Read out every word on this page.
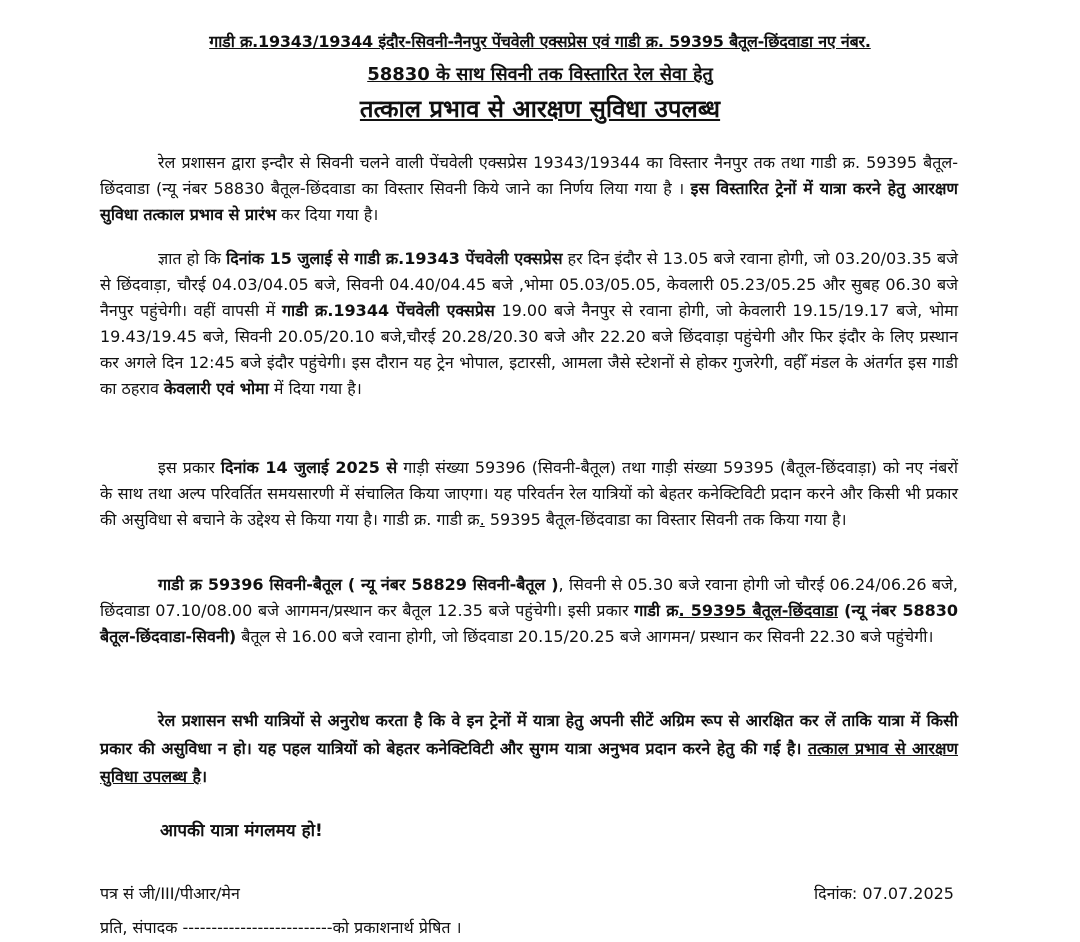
गाडी क्र.19343/19344 इंदौर-सिवनी-नैनपुर पेंचवेली एक्सप्रेस एवं गाडी क्र. 59395 बैतूल-छिंदवाडा नए नंबर.
58830 के साथ सिवनी तक विस्तारित रेल सेवा हेतु
तत्काल प्रभाव से आरक्षण सुविधा उपलब्ध

रेल प्रशासन द्वारा इन्दौर से सिवनी चलने वाली पेंचवेली एक्सप्रेस 19343/19344 का विस्तार नैनपुर तक तथा गाडी क्र. 59395 बैतूल-छिंदवाडा (न्यू नंबर 58830 बैतूल-छिंदवाडा का विस्तार सिवनी किये जाने का निर्णय लिया गया है । इस विस्तारित ट्रेनों में यात्रा करने हेतु आरक्षण सुविधा तत्काल प्रभाव से प्रारंभ कर दिया गया है।

ज्ञात हो कि दिनांक 15 जुलाई से गाडी क्र.19343 पेंचवेली एक्सप्रेस हर दिन इंदौर से 13.05 बजे रवाना होगी, जो 03.20/03.35 बजे से छिंदवाड़ा, चौरई 04.03/04.05 बजे, सिवनी 04.40/04.45 बजे ,भोमा 05.03/05.05, केवलारी 05.23/05.25 और सुबह 06.30 बजे नैनपुर पहुंचेगी। वहीं वापसी में गाडी क्र.19344 पेंचवेली एक्सप्रेस 19.00 बजे नैनपुर से रवाना होगी, जो केवलारी 19.15/19.17 बजे, भोमा 19.43/19.45 बजे, सिवनी 20.05/20.10 बजे,चौरई 20.28/20.30 बजे और 22.20 बजे छिंदवाड़ा पहुंचेगी और फिर इंदौर के लिए प्रस्थान कर अगले दिन 12:45 बजे इंदौर पहुंचेगी। इस दौरान यह ट्रेन भोपाल, इटारसी, आमला जैसे स्टेशनों से होकर गुजरेगी, वहीँ मंडल के अंतर्गत इस गाडी का ठहराव केवलारी एवं भोमा में दिया गया है।

इस प्रकार दिनांक 14 जुलाई 2025 से गाड़ी संख्या 59396 (सिवनी-बैतूल) तथा गाड़ी संख्या 59395 (बैतूल-छिंदवाड़ा) को नए नंबरों के साथ तथा अल्प परिवर्तित समयसारणी में संचालित किया जाएगा। यह परिवर्तन रेल यात्रियों को बेहतर कनेक्टिविटी प्रदान करने और किसी भी प्रकार की असुविधा से बचाने के उद्देश्य से किया गया है। गाडी क्र. गाडी क्र. 59395 बैतूल-छिंदवाडा का विस्तार सिवनी तक किया गया है।

गाडी क्र 59396 सिवनी-बैतूल ( न्यू नंबर 58829 सिवनी-बैतूल ), सिवनी से 05.30 बजे रवाना होगी जो चौरई 06.24/06.26 बजे, छिंदवाडा 07.10/08.00 बजे आगमन/प्रस्थान कर बैतूल 12.35 बजे पहुंचेगी। इसी प्रकार गाडी क्र. 59395 बैतूल-छिंदवाडा (न्यू नंबर 58830 बैतूल-छिंदवाडा-सिवनी) बैतूल से 16.00 बजे रवाना होगी, जो छिंदवाडा 20.15/20.25 बजे आगमन/ प्रस्थान कर सिवनी 22.30 बजे पहुंचेगी।

रेल प्रशासन सभी यात्रियों से अनुरोध करता है कि वे इन ट्रेनों में यात्रा हेतु अपनी सीटें अग्रिम रूप से आरक्षित कर लें ताकि यात्रा में किसी प्रकार की असुविधा न हो। यह पहल यात्रियों को बेहतर कनेक्टिविटी और सुगम यात्रा अनुभव प्रदान करने हेतु की गई है। तत्काल प्रभाव से आरक्षण सुविधा उपलब्ध है।

आपकी यात्रा मंगलमय हो!
पत्र सं जी/III/पीआर/मेन	दिनांक: 07.07.2025
प्रति, संपादक --------------------------को प्रकाशनार्थ प्रेषित ।
